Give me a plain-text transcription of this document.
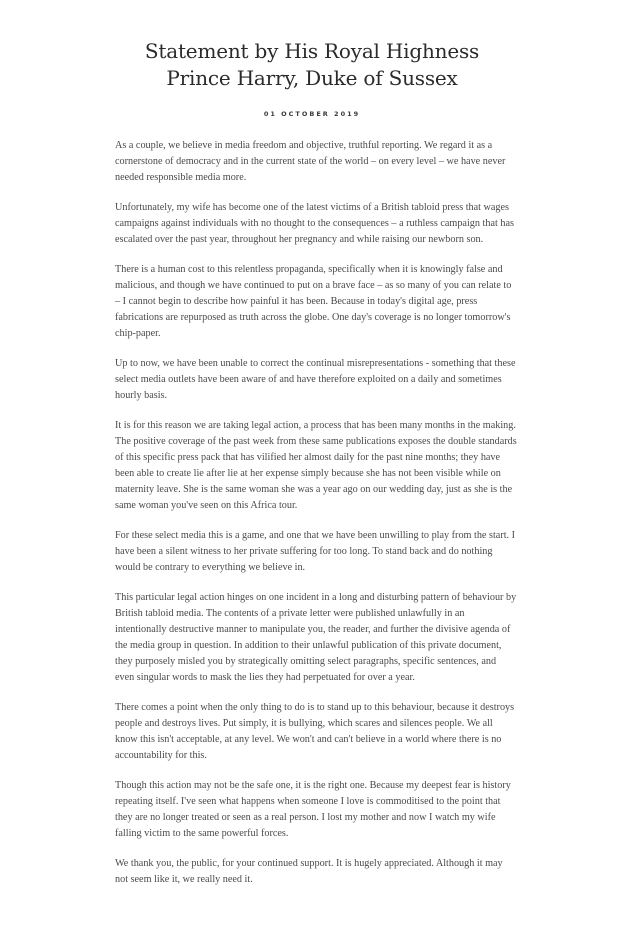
Statement by His Royal Highness
Prince Harry, Duke of Sussex
01 OCTOBER 2019

As a couple, we believe in media freedom and objective, truthful reporting. We regard it as a cornerstone of democracy and in the current state of the world – on every level – we have never needed responsible media more.

Unfortunately, my wife has become one of the latest victims of a British tabloid press that wages campaigns against individuals with no thought to the consequences – a ruthless campaign that has escalated over the past year, throughout her pregnancy and while raising our newborn son.

There is a human cost to this relentless propaganda, specifically when it is knowingly false and malicious, and though we have continued to put on a brave face – as so many of you can relate to – I cannot begin to describe how painful it has been. Because in today's digital age, press fabrications are repurposed as truth across the globe. One day's coverage is no longer tomorrow's chip-paper.

Up to now, we have been unable to correct the continual misrepresentations - something that these select media outlets have been aware of and have therefore exploited on a daily and sometimes hourly basis.

It is for this reason we are taking legal action, a process that has been many months in the making. The positive coverage of the past week from these same publications exposes the double standards of this specific press pack that has vilified her almost daily for the past nine months; they have been able to create lie after lie at her expense simply because she has not been visible while on maternity leave. She is the same woman she was a year ago on our wedding day, just as she is the same woman you've seen on this Africa tour.

For these select media this is a game, and one that we have been unwilling to play from the start. I have been a silent witness to her private suffering for too long. To stand back and do nothing would be contrary to everything we believe in.

This particular legal action hinges on one incident in a long and disturbing pattern of behaviour by British tabloid media. The contents of a private letter were published unlawfully in an intentionally destructive manner to manipulate you, the reader, and further the divisive agenda of the media group in question. In addition to their unlawful publication of this private document, they purposely misled you by strategically omitting select paragraphs, specific sentences, and even singular words to mask the lies they had perpetuated for over a year.

There comes a point when the only thing to do is to stand up to this behaviour, because it destroys people and destroys lives. Put simply, it is bullying, which scares and silences people. We all know this isn't acceptable, at any level. We won't and can't believe in a world where there is no accountability for this.

Though this action may not be the safe one, it is the right one. Because my deepest fear is history repeating itself. I've seen what happens when someone I love is commoditised to the point that they are no longer treated or seen as a real person. I lost my mother and now I watch my wife falling victim to the same powerful forces.

We thank you, the public, for your continued support. It is hugely appreciated. Although it may not seem like it, we really need it.
